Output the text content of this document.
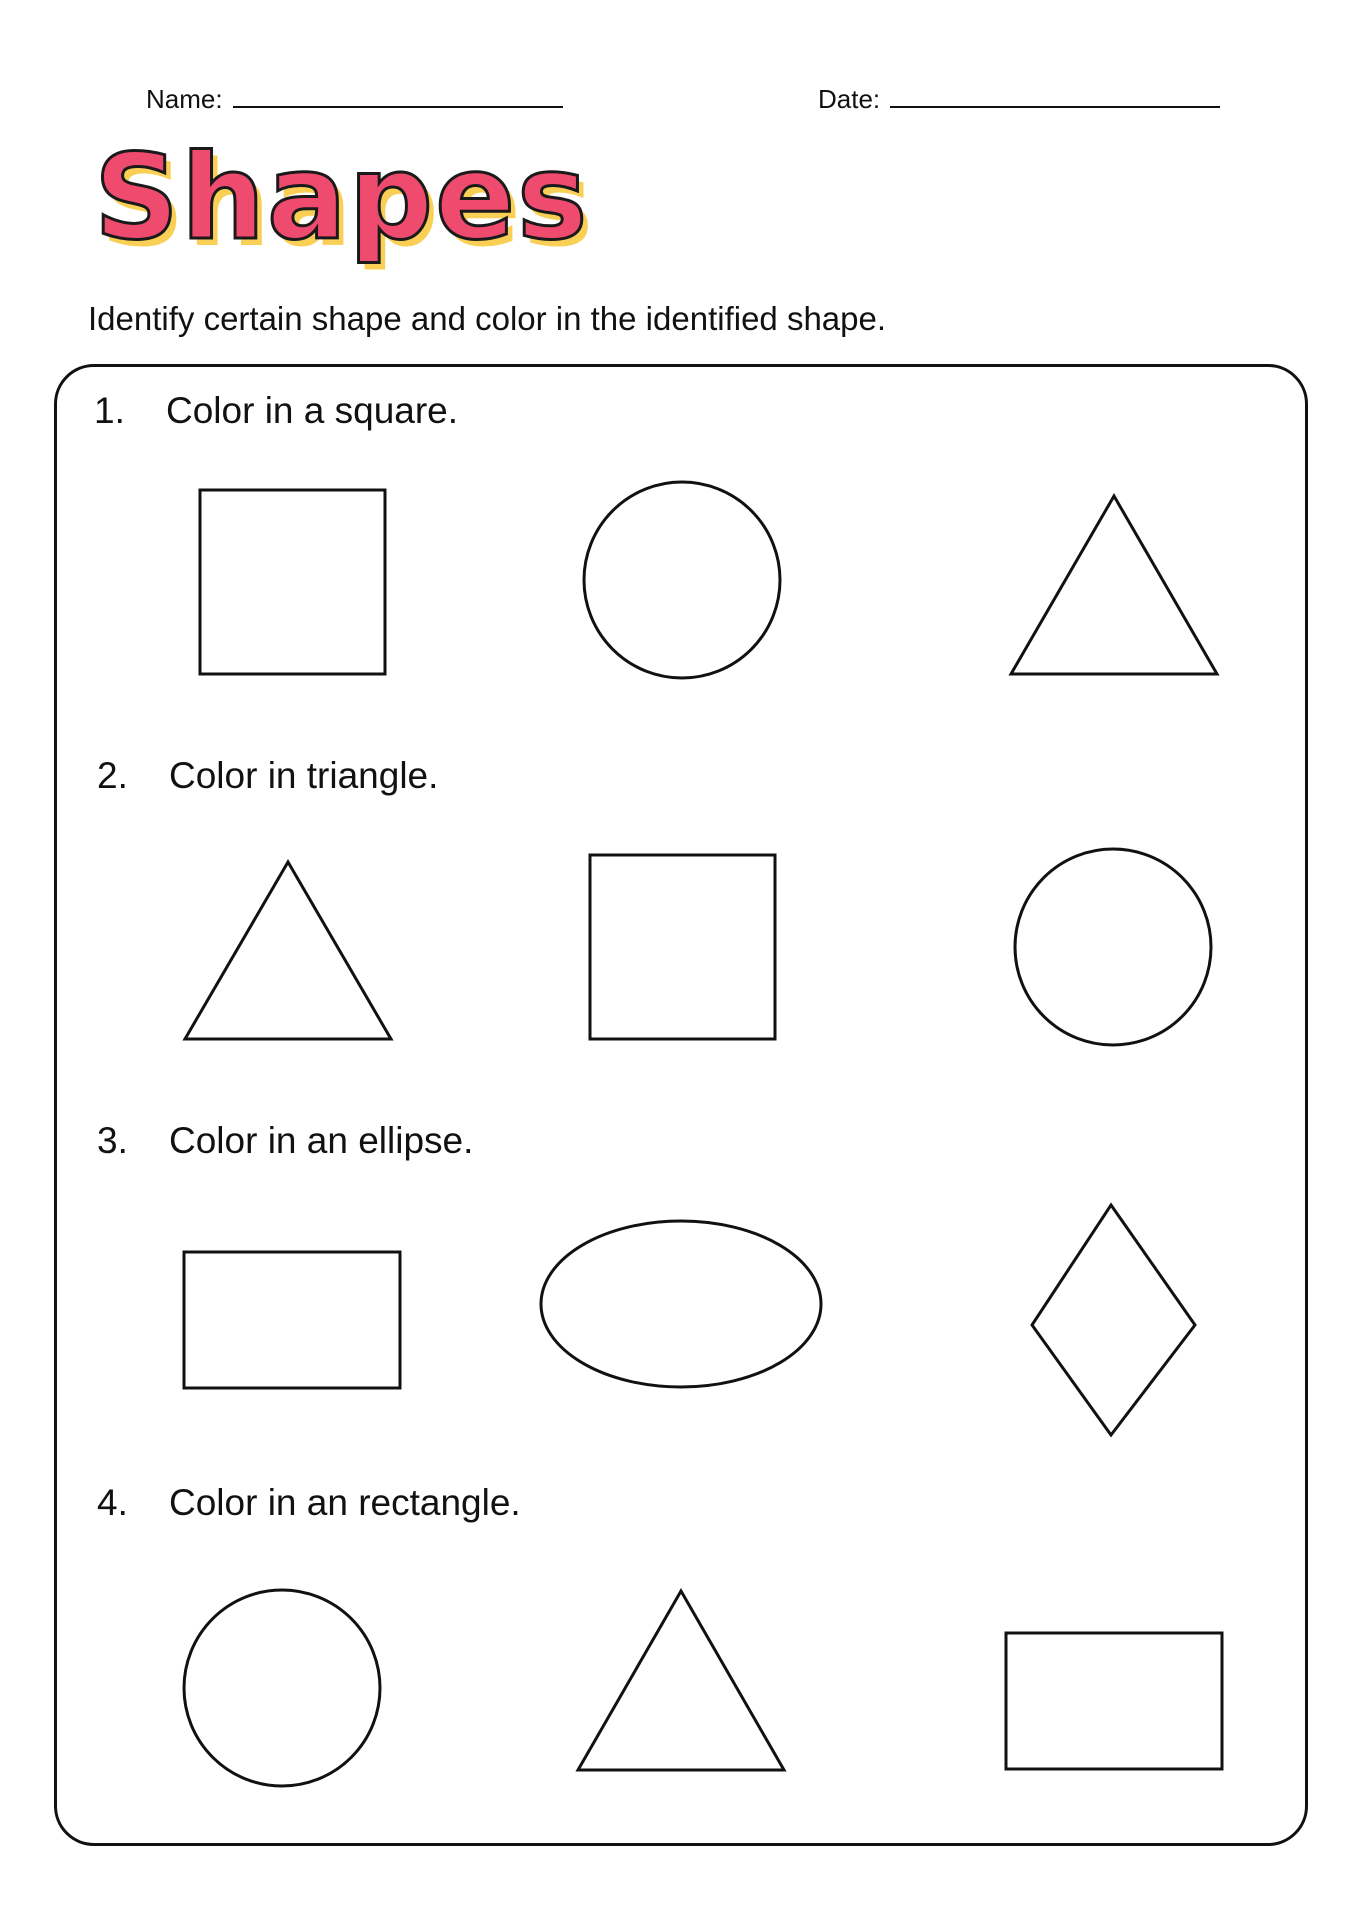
Name:	Date:
Shapes
Identify certain shape and color in the identified shape.
1. Color in a square.
2. Color in triangle.
3. Color in an ellipse.
4. Color in an rectangle.
